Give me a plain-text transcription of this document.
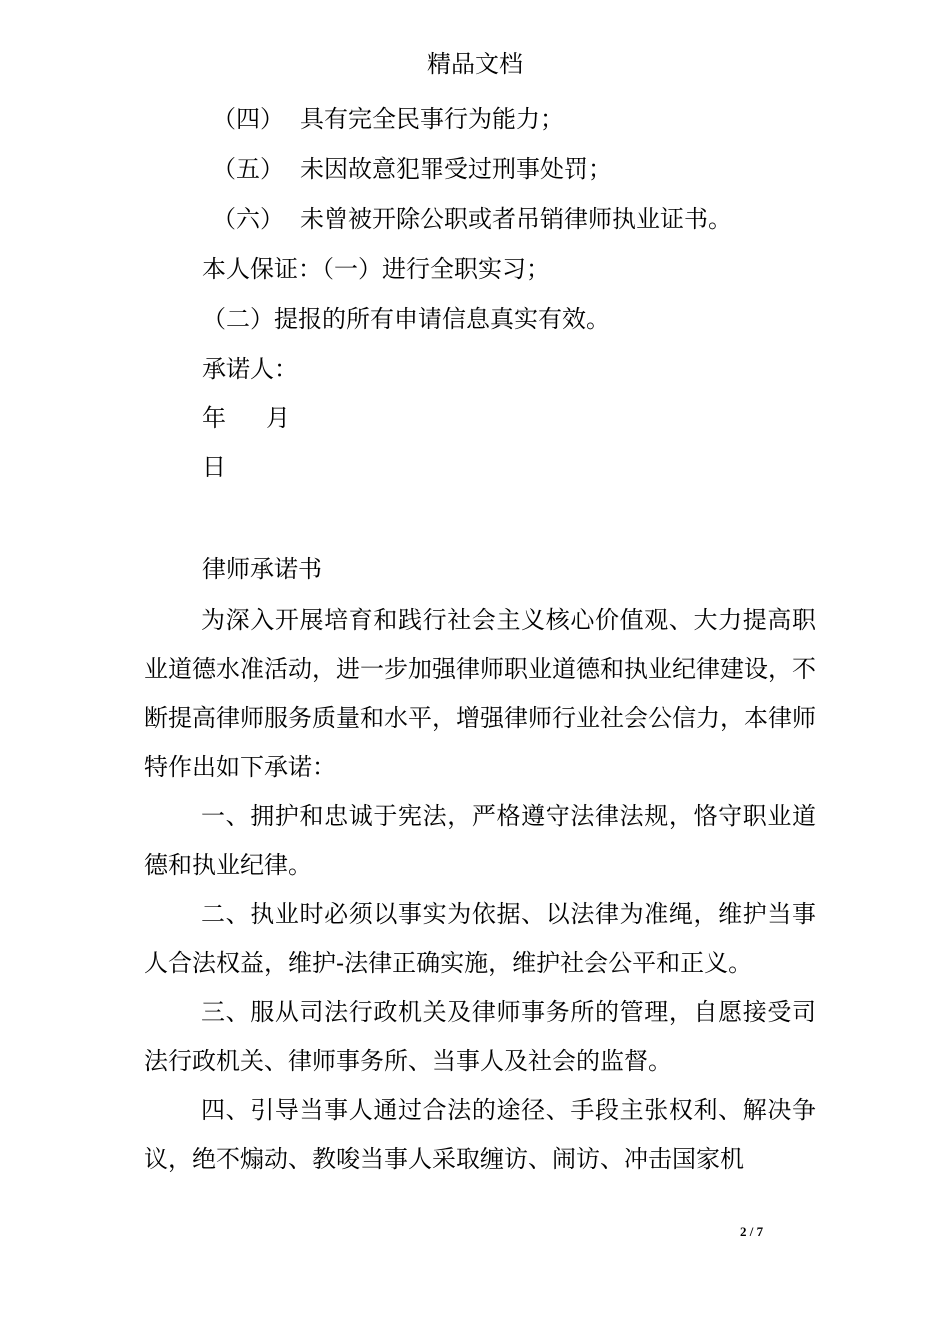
精品文档
（四） 具有完全民事行为能力；
（五） 未因故意犯罪受过刑事处罚；
（六） 未曾被开除公职或者吊销律师执业证书。
本人保证：（一）进行全职实习；
（二）提报的所有申请信息真实有效。
承诺人：
年 月
日
律师承诺书
为深入开展培育和践行社会主义核心价值观、大力提高职业道德水准活动，进一步加强律师职业道德和执业纪律建设，不断提高律师服务质量和水平，增强律师行业社会公信力，本律师特作出如下承诺：
一、拥护和忠诚于宪法，严格遵守法律法规，恪守职业道德和执业纪律。
二、执业时必须以事实为依据、以法律为准绳，维护当事人合法权益，维护-法律正确实施，维护社会公平和正义。
三、服从司法行政机关及律师事务所的管理，自愿接受司法行政机关、律师事务所、当事人及社会的监督。
四、引导当事人通过合法的途径、手段主张权利、解决争议，绝不煽动、教唆当事人采取缠访、闹访、冲击国家机
2 / 7
